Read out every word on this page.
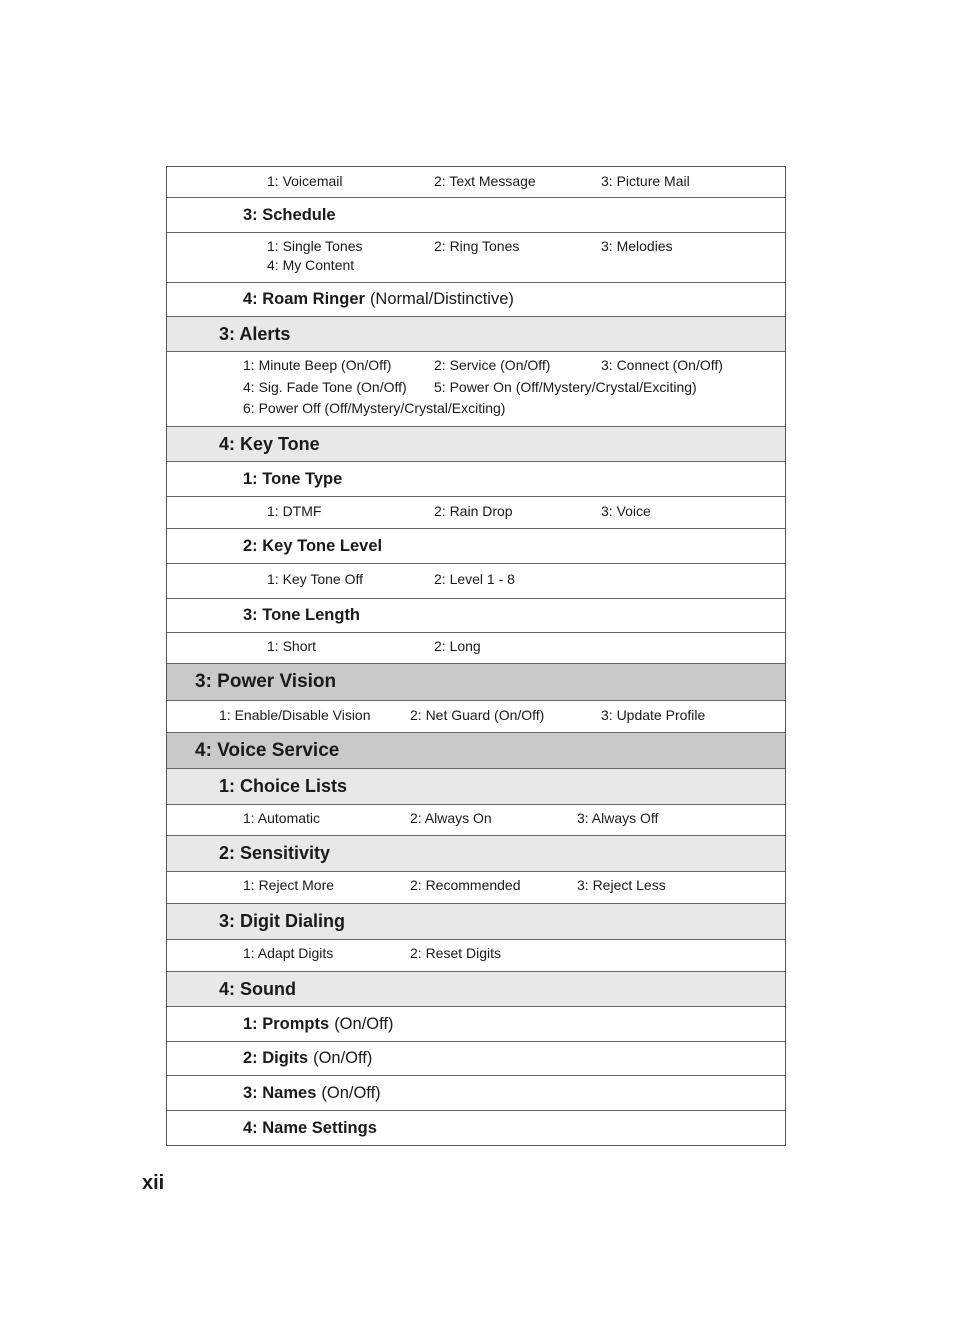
1: Voicemail	2: Text Message	3: Picture Mail
3: Schedule
1: Single Tones	2: Ring Tones	3: Melodies
4: My Content
4: Roam Ringer (Normal/Distinctive)
3: Alerts
1: Minute Beep (On/Off)	2: Service (On/Off)	3: Connect (On/Off)
4: Sig. Fade Tone (On/Off) 5: Power On (Off/Mystery/Crystal/Exciting)
6: Power Off (Off/Mystery/Crystal/Exciting)
4: Key Tone
1: Tone Type
1: DTMF	2: Rain Drop	3: Voice
2: Key Tone Level
1: Key Tone Off	2: Level 1 - 8
3: Tone Length
1: Short	2: Long
3: Power Vision
1: Enable/Disable Vision	2: Net Guard (On/Off)	3: Update Profile
4: Voice Service
1: Choice Lists
1: Automatic	2: Always On	3: Always Off
2: Sensitivity
1: Reject More	2: Recommended	3: Reject Less
3: Digit Dialing
1: Adapt Digits	2: Reset Digits
4: Sound
1: Prompts (On/Off)
2: Digits (On/Off)
3: Names (On/Off)
4: Name Settings
xii
